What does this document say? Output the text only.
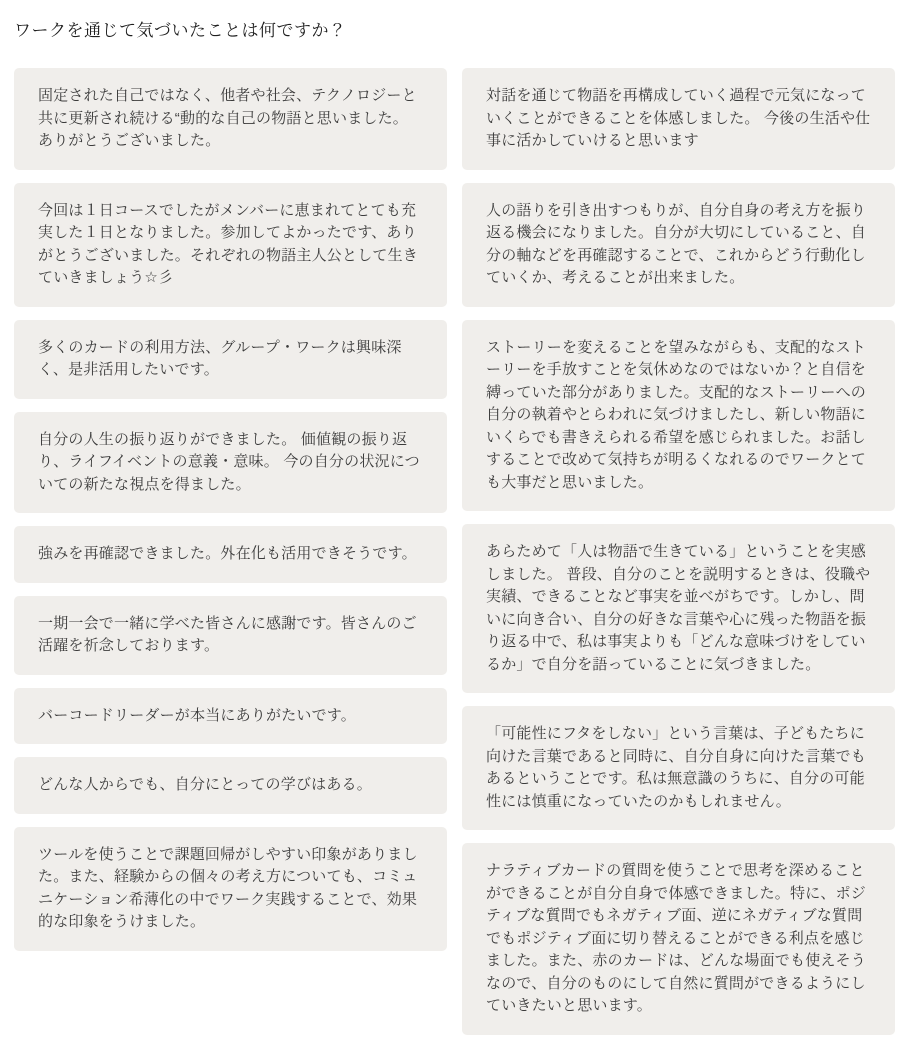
ワークを通じて気づいたことは何ですか？
固定された自己ではなく、他者や社会、テクノロジーと共に更新され続ける“動的な自己の物語と思いました。ありがとうございました。
今回は１日コースでしたがメンバーに恵まれてとても充実した１日となりました。参加してよかったです、ありがとうございました。それぞれの物語主人公として生きていきましょう☆彡
多くのカードの利用方法、グループ・ワークは興味深く、是非活用したいです。
自分の人生の振り返りができました。 価値観の振り返り、ライフイベントの意義・意味。 今の自分の状況についての新たな視点を得ました。
強みを再確認できました。外在化も活用できそうです。
一期一会で一緒に学べた皆さんに感謝です。皆さんのご活躍を祈念しております。
バーコードリーダーが本当にありがたいです。
どんな人からでも、自分にとっての学びはある。
ツールを使うことで課題回帰がしやすい印象がありました。また、経験からの個々の考え方についても、コミュニケーション希薄化の中でワーク実践することで、効果的な印象をうけました。
対話を通じて物語を再構成していく過程で元気になっていくことができることを体感しました。 今後の生活や仕事に活かしていけると思います
人の語りを引き出すつもりが、自分自身の考え方を振り返る機会になりました。自分が大切にしていること、自分の軸などを再確認することで、これからどう行動化していくか、考えることが出来ました。
ストーリーを変えることを望みながらも、支配的なストーリーを手放すことを気休めなのではないか？と自信を縛っていた部分がありました。支配的なストーリーへの自分の執着やとらわれに気づけましたし、新しい物語にいくらでも書きえられる希望を感じられました。お話しすることで改めて気持ちが明るくなれるのでワークとても大事だと思いました。
あらためて「人は物語で生きている」ということを実感しました。 普段、自分のことを説明するときは、役職や実績、できることなど事実を並べがちです。しかし、問いに向き合い、自分の好きな言葉や心に残った物語を振り返る中で、私は事実よりも「どんな意味づけをしているか」で自分を語っていることに気づきました。
「可能性にフタをしない」という言葉は、子どもたちに向けた言葉であると同時に、自分自身に向けた言葉でもあるということです。私は無意識のうちに、自分の可能性には慎重になっていたのかもしれません。
ナラティブカードの質問を使うことで思考を深めることができることが自分自身で体感できました。特に、ポジティブな質問でもネガティブ面、逆にネガティブな質問でもポジティブ面に切り替えることができる利点を感じました。また、赤のカードは、どんな場面でも使えそうなので、自分のものにして自然に質問ができるようにしていきたいと思います。
